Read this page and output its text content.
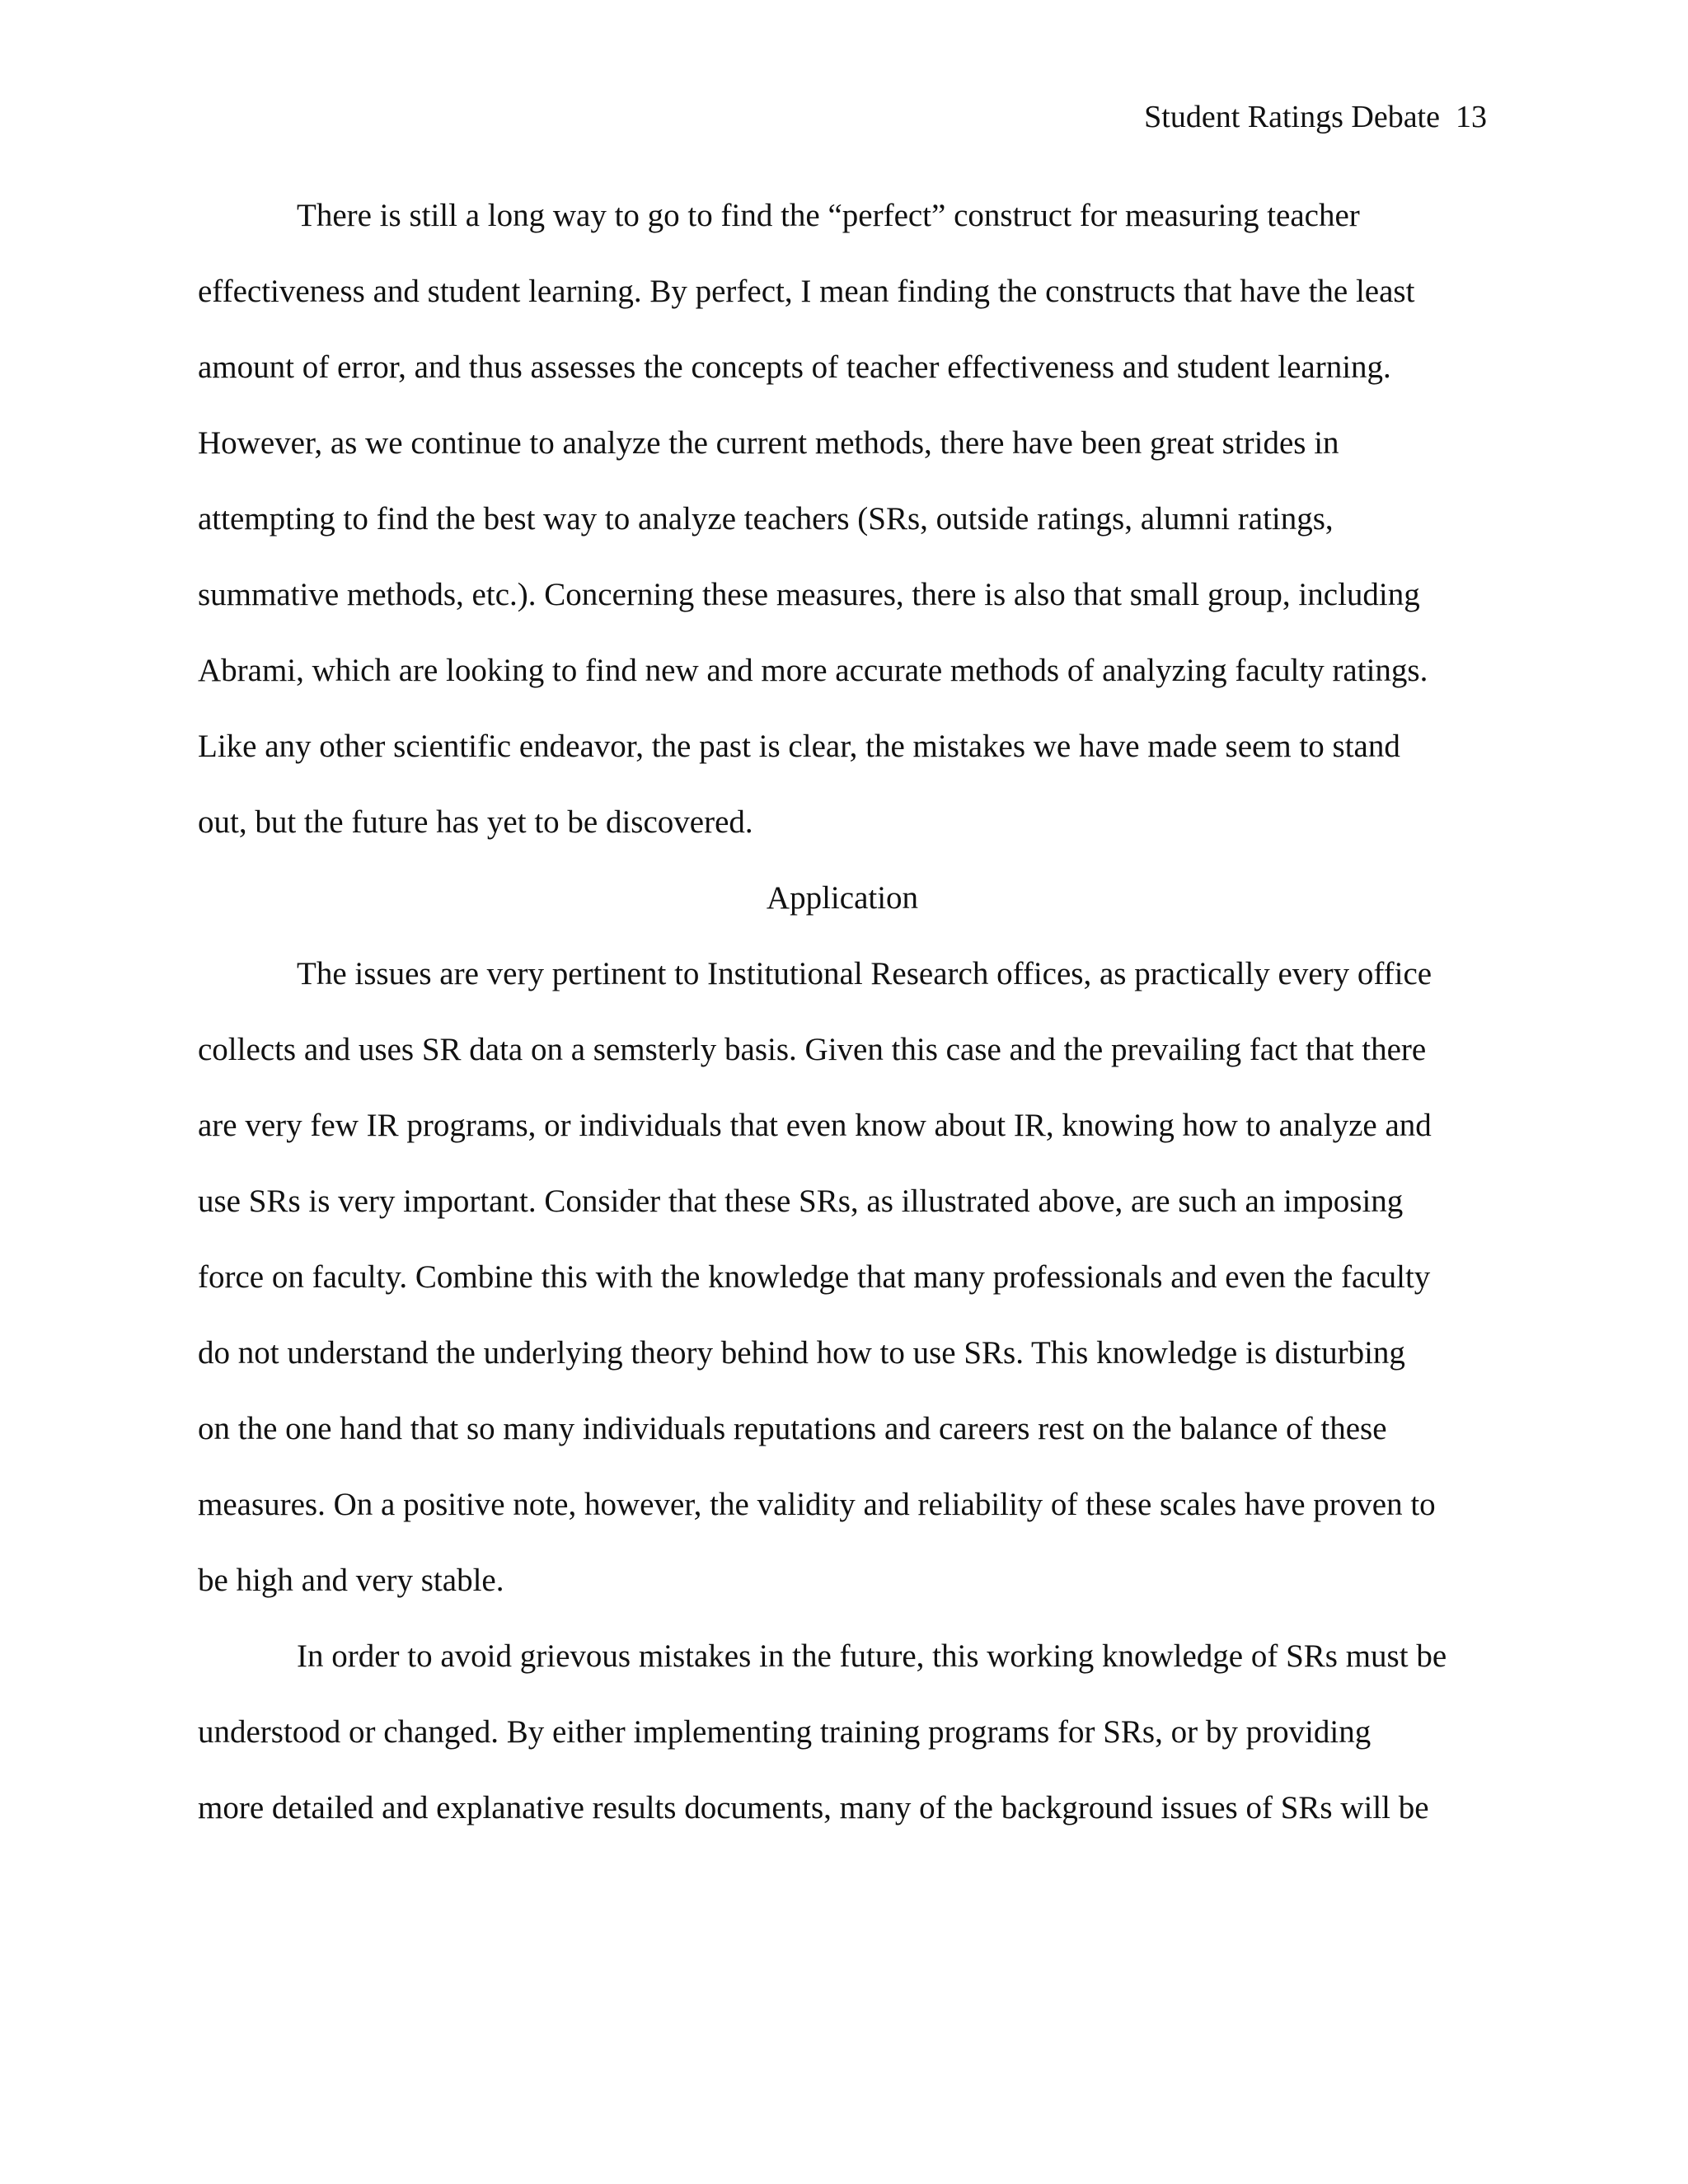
Student Ratings Debate 13
There is still a long way to go to find the “perfect” construct for measuring teacher
effectiveness and student learning. By perfect, I mean finding the constructs that have the least
amount of error, and thus assesses the concepts of teacher effectiveness and student learning.
However, as we continue to analyze the current methods, there have been great strides in
attempting to find the best way to analyze teachers (SRs, outside ratings, alumni ratings,
summative methods, etc.). Concerning these measures, there is also that small group, including
Abrami, which are looking to find new and more accurate methods of analyzing faculty ratings.
Like any other scientific endeavor, the past is clear, the mistakes we have made seem to stand
out, but the future has yet to be discovered.
Application
The issues are very pertinent to Institutional Research offices, as practically every office
collects and uses SR data on a semsterly basis. Given this case and the prevailing fact that there
are very few IR programs, or individuals that even know about IR, knowing how to analyze and
use SRs is very important. Consider that these SRs, as illustrated above, are such an imposing
force on faculty. Combine this with the knowledge that many professionals and even the faculty
do not understand the underlying theory behind how to use SRs. This knowledge is disturbing
on the one hand that so many individuals reputations and careers rest on the balance of these
measures. On a positive note, however, the validity and reliability of these scales have proven to
be high and very stable.
In order to avoid grievous mistakes in the future, this working knowledge of SRs must be
understood or changed. By either implementing training programs for SRs, or by providing
more detailed and explanative results documents, many of the background issues of SRs will be
